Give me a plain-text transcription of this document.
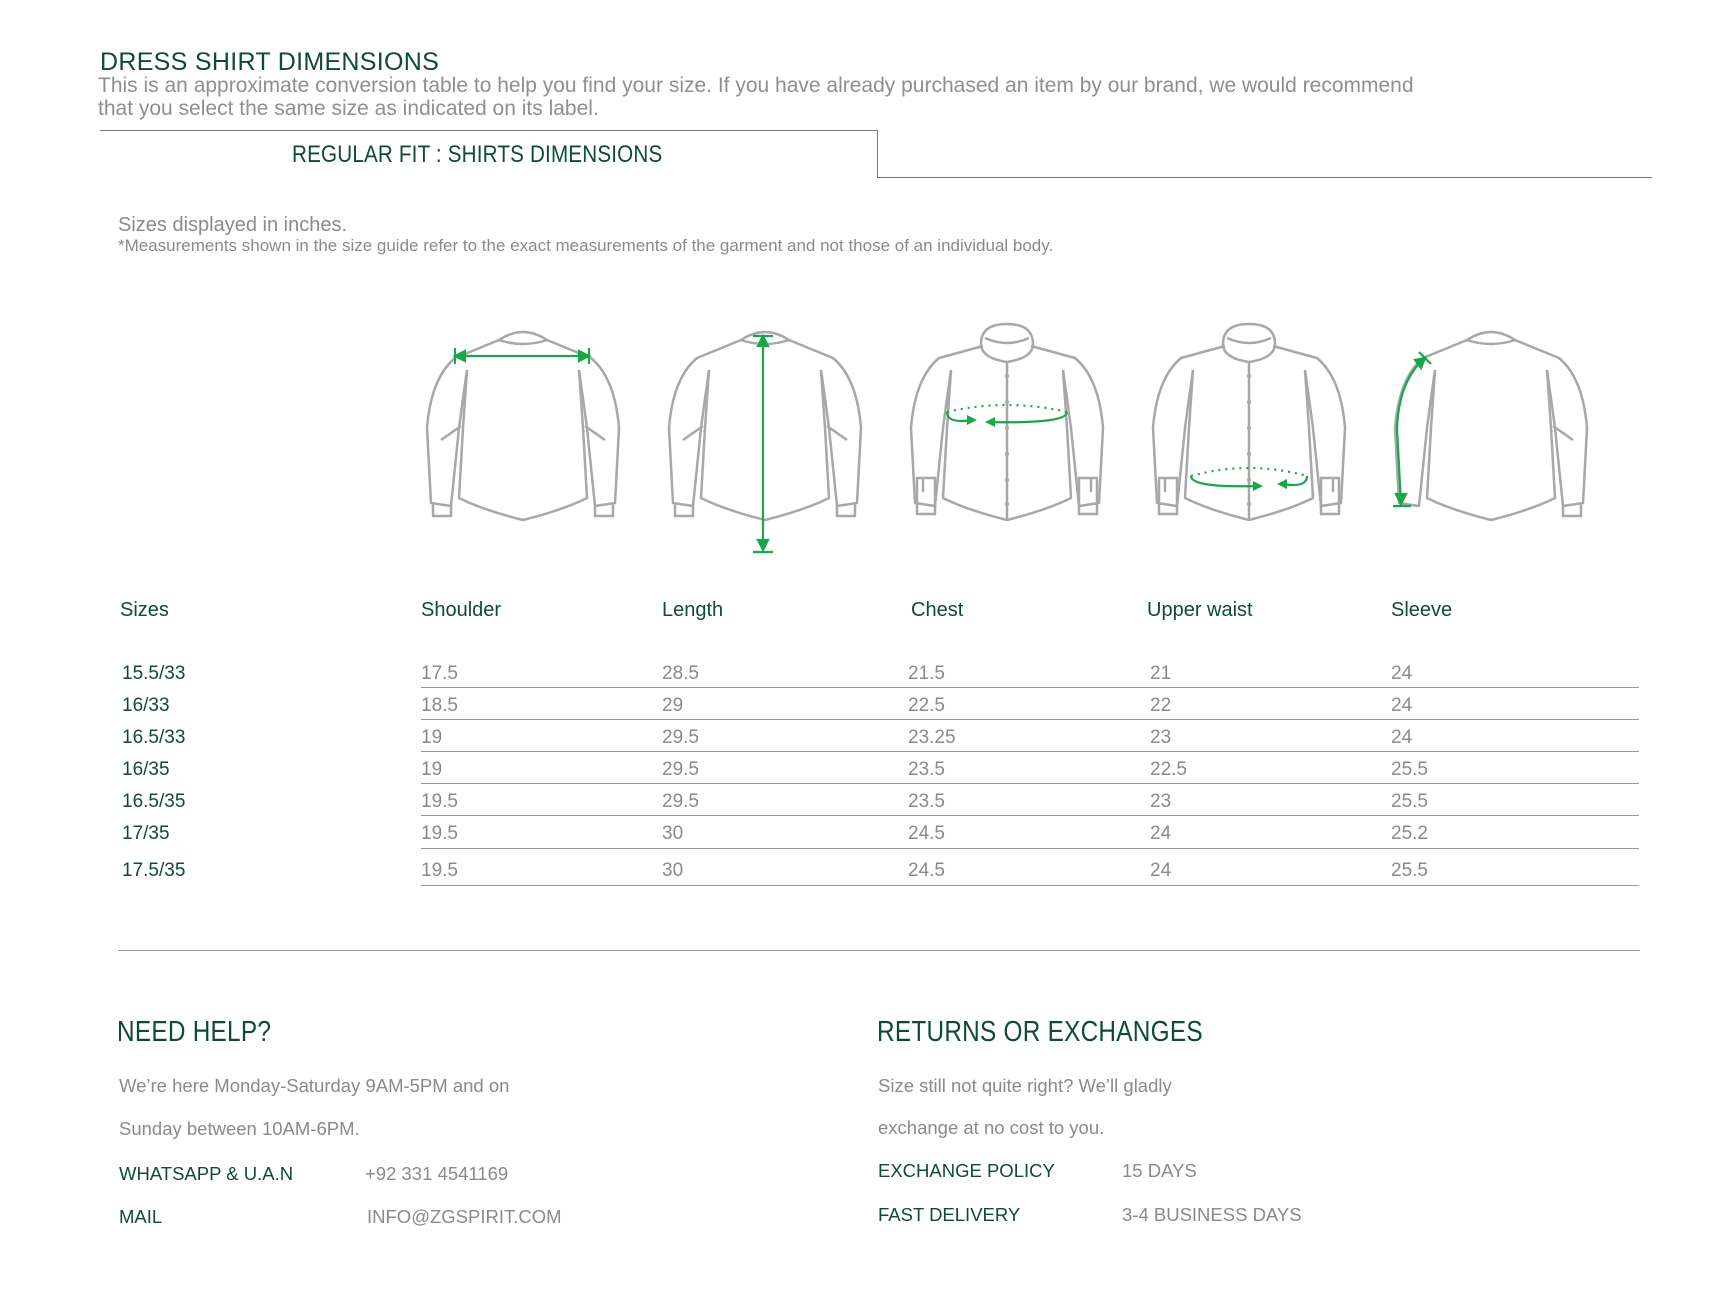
DRESS SHIRT DIMENSIONS
This is an approximate conversion table to help you find your size. If you have already purchased an item by our brand, we would recommend
that you select the same size as indicated on its label.
REGULAR FIT : SHIRTS DIMENSIONS
Sizes displayed in inches.
*Measurements shown in the size guide refer to the exact measurements of the garment and not those of an individual body.
Sizes	Shoulder	Length	Chest	Upper waist	Sleeve
15.5/33	17.5	28.5	21.5	21	24
16/33	18.5	29	22.5	22	24
16.5/33	19	29.5	23.25	23	24
16/35	19	29.5	23.5	22.5	25.5
16.5/35	19.5	29.5	23.5	23	25.5
17/35	19.5	30	24.5	24	25.2
17.5/35	19.5	30	24.5	24	25.5
NEED HELP?
We’re here Monday-Saturday 9AM-5PM and on
Sunday between 10AM-6PM.
WHATSAPP & U.A.N	+92 331 4541169
MAIL	INFO@ZGSPIRIT.COM
RETURNS OR EXCHANGES
Size still not quite right? We’ll gladly
exchange at no cost to you.
EXCHANGE POLICY	15 DAYS
FAST DELIVERY	3-4 BUSINESS DAYS
